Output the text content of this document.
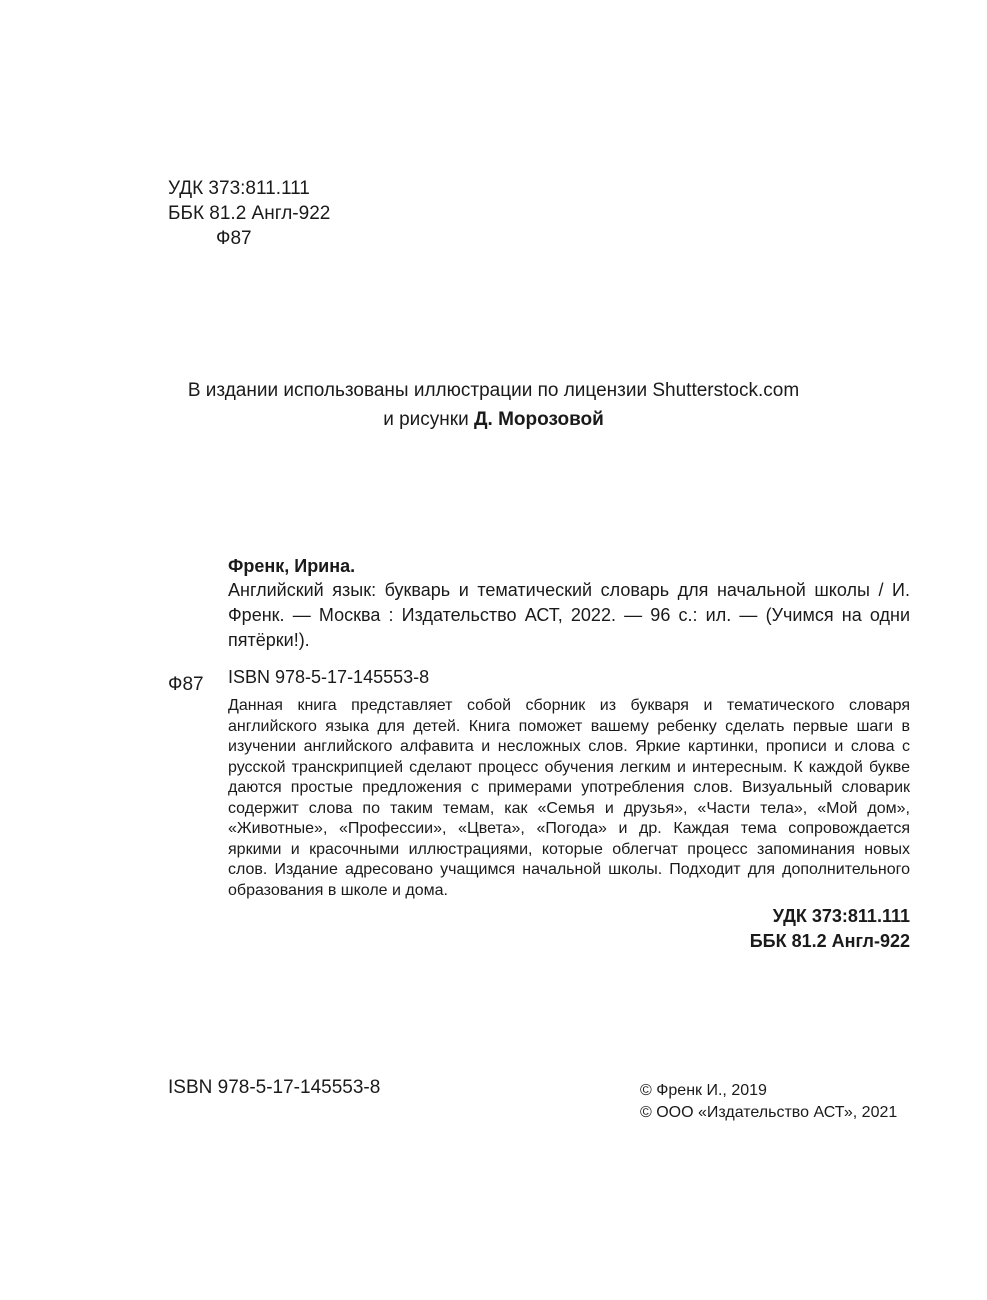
УДК 373:811.111
ББК 81.2 Англ-922
Ф87
В издании использованы иллюстрации по лицензии Shutterstock.com
и рисунки Д. Морозовой
Френк, Ирина.
Английский язык: букварь и тематический словарь для начальной школы / И. Френк. — Москва : Издательство АСТ, 2022. — 96 с.: ил. — (Учимся на одни пятёрки!).
Ф87 ISBN 978-5-17-145553-8
Данная книга представляет собой сборник из букваря и тематического словаря английского языка для детей. Книга поможет вашему ребенку сделать первые шаги в изучении английского алфавита и несложных слов. Яркие картинки, прописи и слова с русской транскрипцией сделают процесс обучения легким и интересным. К каждой букве даются простые предложения с примерами употребления слов. Визуальный словарик содержит слова по таким темам, как «Семья и друзья», «Части тела», «Мой дом», «Животные», «Профессии», «Цвета», «Погода» и др. Каждая тема сопровождается яркими и красочными иллюстрациями, которые облегчат процесс запоминания новых слов. Издание адресовано учащимся начальной школы. Подходит для дополнительного образования в школе и дома.
УДК 373:811.111
ББК 81.2 Англ-922
ISBN 978-5-17-145553-8	© Френк И., 2019
© ООО «Издательство АСТ», 2021
